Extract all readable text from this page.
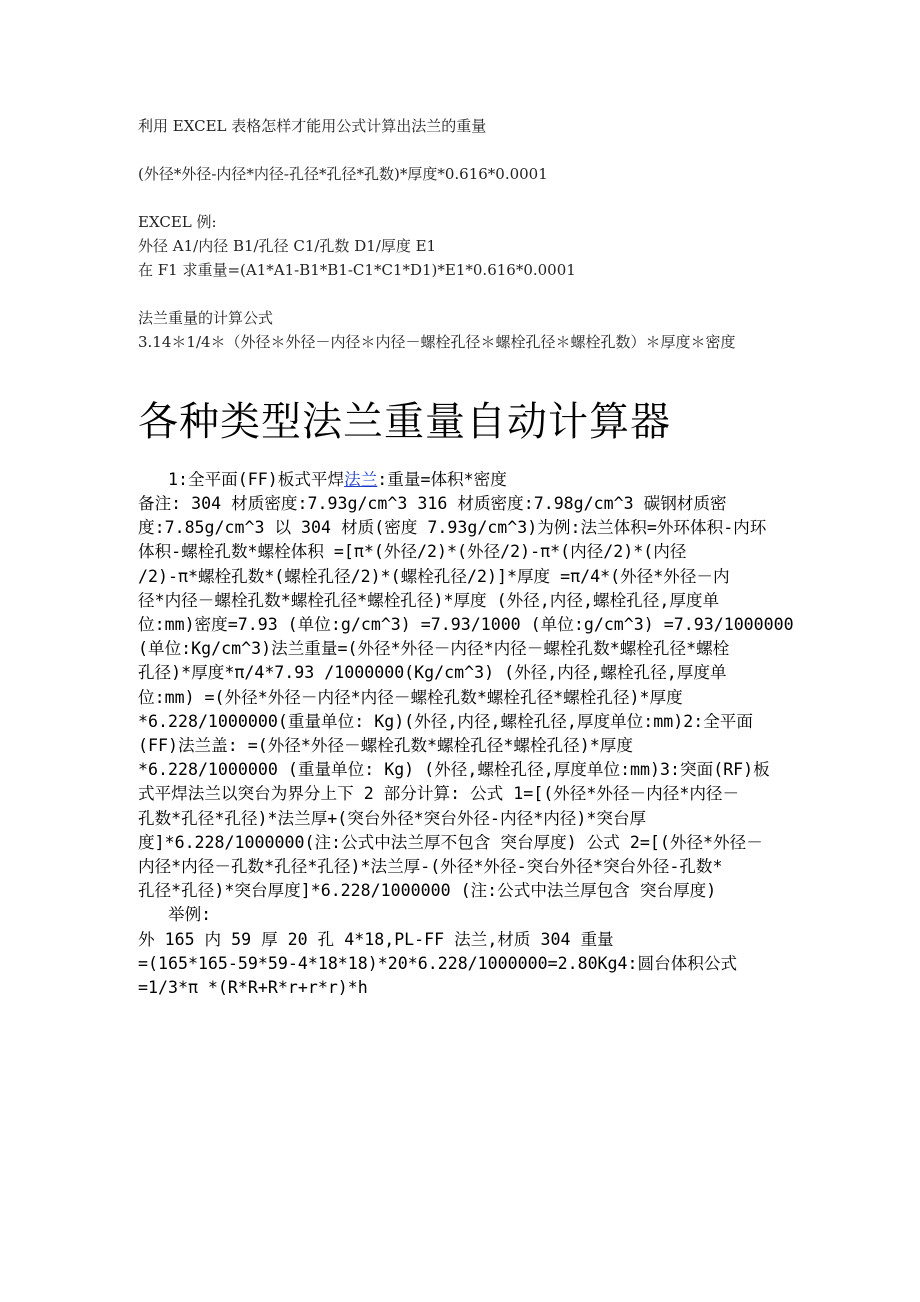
利用 EXCEL 表格怎样才能用公式计算出法兰的重量
(外径*外径-内径*内径-孔径*孔径*孔数)*厚度*0.616*0.0001
EXCEL 例:
外径 A1/内径 B1/孔径 C1/孔数 D1/厚度 E1
在 F1 求重量=(A1*A1-B1*B1-C1*C1*D1)*E1*0.616*0.0001
法兰重量的计算公式
3.14＊1/4＊（外径＊外径－内径＊内径－螺栓孔径＊螺栓孔径＊螺栓孔数）＊厚度＊密度
各种类型法兰重量自动计算器
1:全平面(FF)板式平焊法兰:重量=体积*密度
备注: 304 材质密度:7.93g/cm^3 316 材质密度:7.98g/cm^3 碳钢材质密
度:7.85g/cm^3 以 304 材质(密度 7.93g/cm^3)为例:法兰体积=外环体积-内环
体积-螺栓孔数*螺栓体积 =[π*(外径/2)*(外径/2)-π*(内径/2)*(内径
/2)-π*螺栓孔数*(螺栓孔径/2)*(螺栓孔径/2)]*厚度 =π/4*(外径*外径－内
径*内径－螺栓孔数*螺栓孔径*螺栓孔径)*厚度 (外径,内径,螺栓孔径,厚度单
位:mm)密度=7.93 (单位:g/cm^3) =7.93/1000 (单位:g/cm^3) =7.93/1000000
(单位:Kg/cm^3)法兰重量=(外径*外径－内径*内径－螺栓孔数*螺栓孔径*螺栓
孔径)*厚度*π/4*7.93 /1000000(Kg/cm^3) (外径,内径,螺栓孔径,厚度单
位:mm) =(外径*外径－内径*内径－螺栓孔数*螺栓孔径*螺栓孔径)*厚度
*6.228/1000000(重量单位: Kg)(外径,内径,螺栓孔径,厚度单位:mm)2:全平面
(FF)法兰盖: =(外径*外径－螺栓孔数*螺栓孔径*螺栓孔径)*厚度
*6.228/1000000 (重量单位: Kg) (外径,螺栓孔径,厚度单位:mm)3:突面(RF)板
式平焊法兰以突台为界分上下 2 部分计算: 公式 1=[(外径*外径－内径*内径－
孔数*孔径*孔径)*法兰厚+(突台外径*突台外径-内径*内径)*突台厚
度]*6.228/1000000(注:公式中法兰厚不包含 突台厚度) 公式 2=[(外径*外径－
内径*内径－孔数*孔径*孔径)*法兰厚-(外径*外径-突台外径*突台外径-孔数*
孔径*孔径)*突台厚度]*6.228/1000000 (注:公式中法兰厚包含 突台厚度)
举例:
外 165 内 59 厚 20 孔 4*18,PL-FF 法兰,材质 304 重量
=(165*165-59*59-4*18*18)*20*6.228/1000000=2.80Kg4:圆台体积公式
=1/3*π *(R*R+R*r+r*r)*h
